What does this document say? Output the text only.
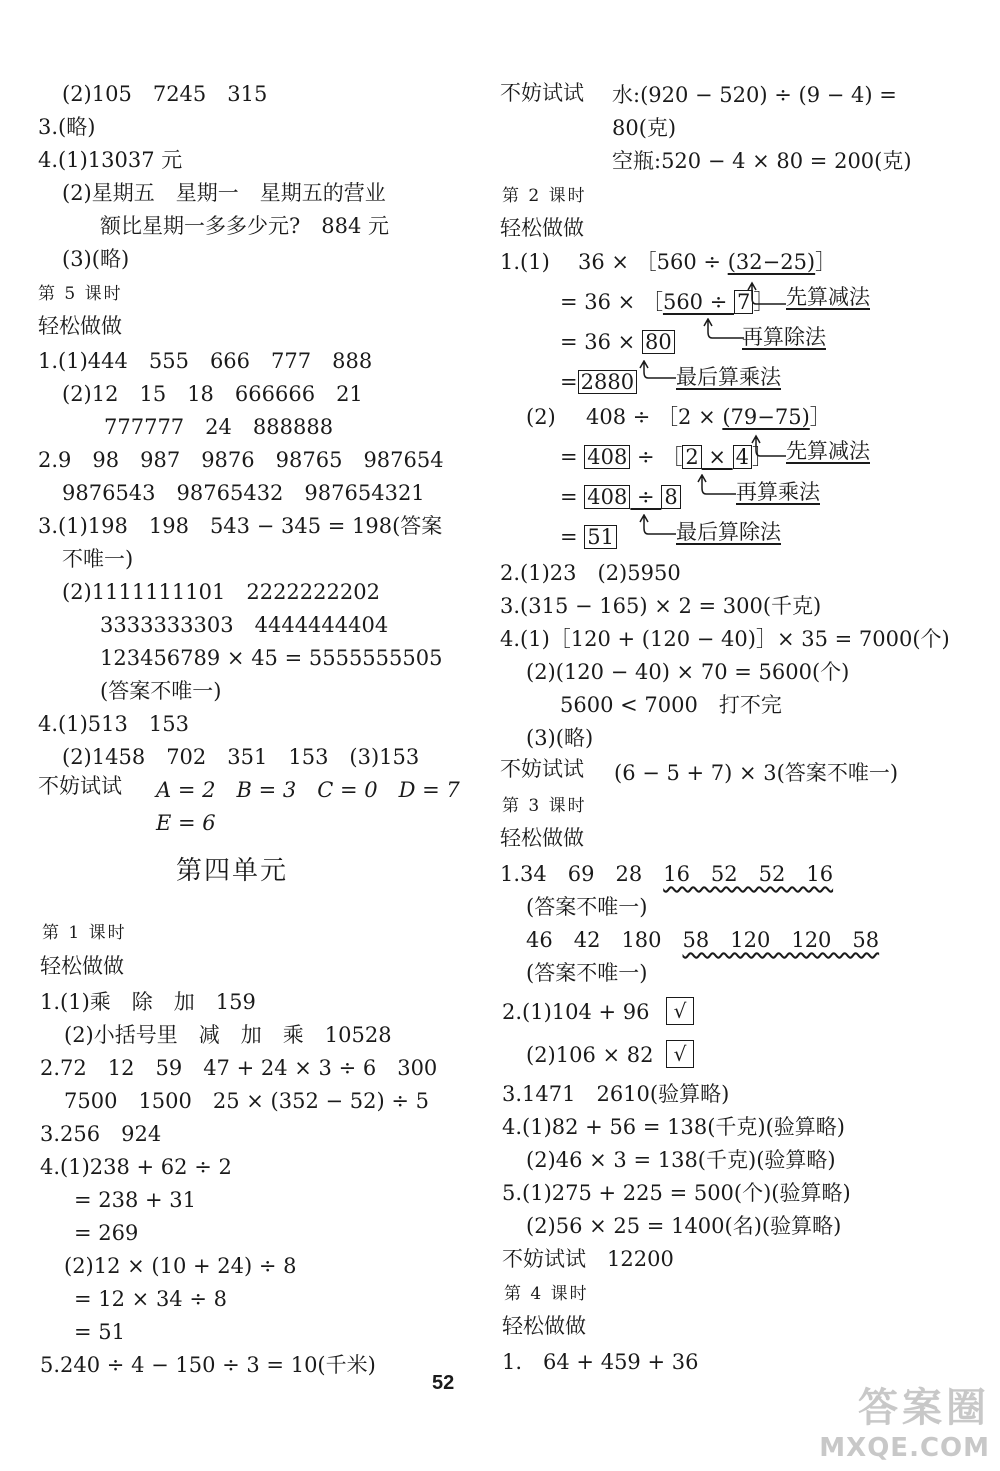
(2)105　7245　315
3.(略)
4.(1)13037 元
(2)星期五　星期一　星期五的营业
额比星期一多多少元?　884 元
(3)(略)
第 5 课时
轻松做做
1.(1)444　555　666　777　888
(2)12　15　18　666666　21
777777　24　888888
2.9　98　987　9876　98765　987654
9876543　98765432　987654321
3.(1)198　198　543 − 345 = 198(答案
不唯一)
(2)1111111101　2222222202
3333333303　4444444404
123456789 × 45 = 5555555505
(答案不唯一)
4.(1)513　153
(2)1458　702　351　153　(3)153
不妨试试 A = 2　B = 3　C = 0　D = 7
E = 6
第四单元
第 1 课时
轻松做做
1.(1)乘　除　加　159
(2)小括号里　减　加　乘　10528
2.72　12　59　47 + 24 × 3 ÷ 6　300
7500　1500　25 × (352 − 52) ÷ 5
3.256　924
4.(1)238 + 62 ÷ 2
= 238 + 31
= 269
(2)12 × (10 + 24) ÷ 8
= 12 × 34 ÷ 8
= 51
5.240 ÷ 4 − 150 ÷ 3 = 10(千米)
不妨试试 水:(920 − 520) ÷ (9 − 4) =
80(克)
空瓶:520 − 4 × 80 = 200(克)
第 2 课时
轻松做做
1.(1) 36 × ［560 ÷ (32−25)］
= 36 × ［560 ÷ 7 ］ 先算减法
= 36 × 80	再算除法
= 2880 最后算乘法
(2) 408 ÷ ［2 × (79−75)］
= 408 ÷ ［ 2 × 4 ］ 先算减法
= 408 ÷ 8	再算乘法
= 51	最后算除法
2.(1)23　(2)5950
3.(315 − 165) × 2 = 300(千克)
4.(1)［120 + (120 − 40)］× 35 = 7000(个)
(2)(120 − 40) × 70 = 5600(个)
5600 < 7000　打不完
(3)(略)
不妨试试 (6 − 5 + 7) × 3(答案不唯一)
第 3 课时
轻松做做
1.34　69　28　16　52　52　16
(答案不唯一)
46　42　180　58　120　120　58
(答案不唯一)
2.(1)104 + 96	√
(2)106 × 82	√
3.1471　2610(验算略)
4.(1)82 + 56 = 138(千克)(验算略)
(2)46 × 3 = 138(千克)(验算略)
5.(1)275 + 225 = 500(个)(验算略)
(2)56 × 25 = 1400(名)(验算略)
不妨试试　12200
第 4 课时
轻松做做
1.　64 + 459 + 36
52
答案圈
MXQE.COM
